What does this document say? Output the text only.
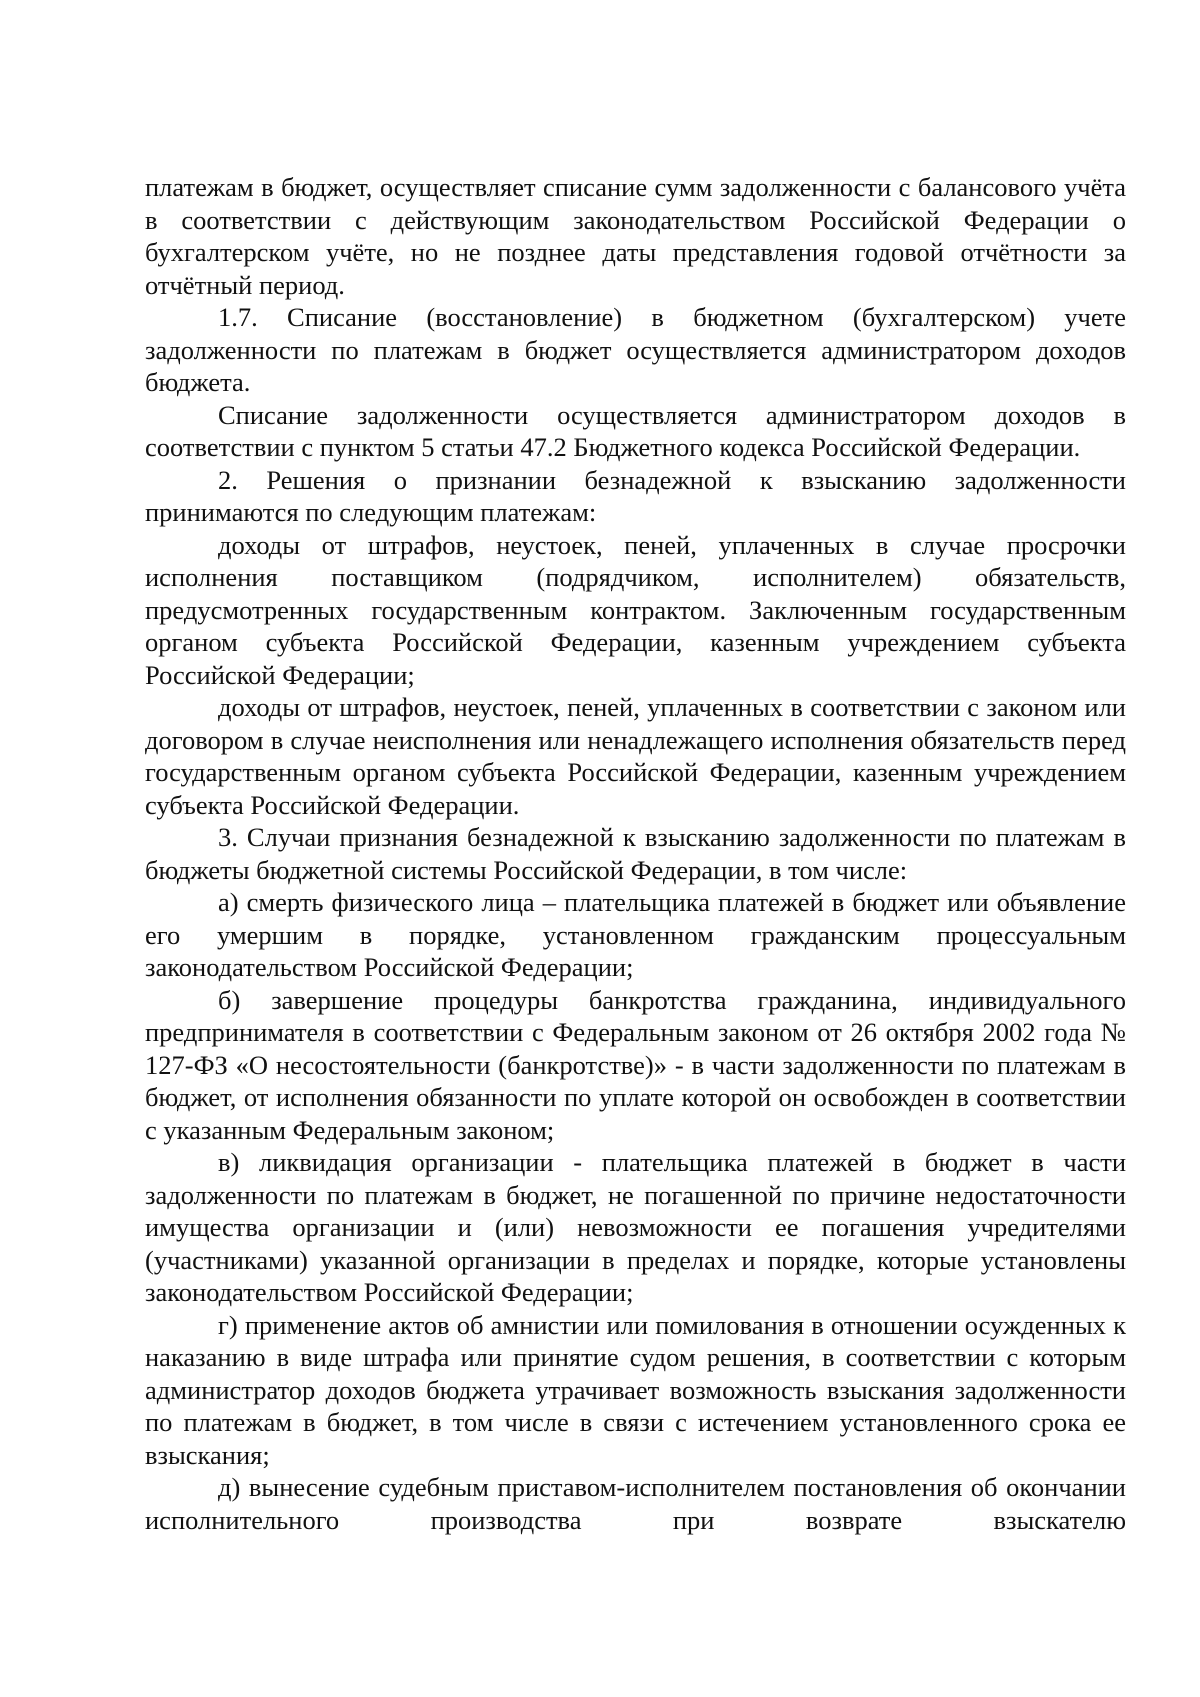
платежам в бюджет, осуществляет списание сумм задолженности с балансового учёта в соответствии с действующим законодательством Российской Федерации о бухгалтерском учёте, но не позднее даты представления годовой отчётности за отчётный период.

1.7. Списание (восстановление) в бюджетном (бухгалтерском) учете задолженности по платежам в бюджет осуществляется администратором доходов бюджета.

Списание задолженности осуществляется администратором доходов в соответствии с пунктом 5 статьи 47.2 Бюджетного кодекса Российской Федерации.

2. Решения о признании безнадежной к взысканию задолженности принимаются по следующим платежам:

доходы от штрафов, неустоек, пеней, уплаченных в случае просрочки исполнения поставщиком (подрядчиком, исполнителем) обязательств, предусмотренных государственным контрактом. Заключенным государственным органом субъекта Российской Федерации, казенным учреждением субъекта Российской Федерации;

доходы от штрафов, неустоек, пеней, уплаченных в соответствии с законом или договором в случае неисполнения или ненадлежащего исполнения обязательств перед государственным органом субъекта Российской Федерации, казенным учреждением субъекта Российской Федерации.

3. Случаи признания безнадежной к взысканию задолженности по платежам в бюджеты бюджетной системы Российской Федерации, в том числе:

а) смерть физического лица – плательщика платежей в бюджет или объявление его умершим в порядке, установленном гражданским процессуальным законодательством Российской Федерации;

б) завершение процедуры банкротства гражданина, индивидуального предпринимателя в соответствии с Федеральным законом от 26 октября 2002 года № 127-ФЗ «О несостоятельности (банкротстве)» - в части задолженности по платежам в бюджет, от исполнения обязанности по уплате которой он освобожден в соответствии с указанным Федеральным законом;

в) ликвидация организации - плательщика платежей в бюджет в части задолженности по платежам в бюджет, не погашенной по причине недостаточности имущества организации и (или) невозможности ее погашения учредителями (участниками) указанной организации в пределах и порядке, которые установлены законодательством Российской Федерации;

г) применение актов об амнистии или помилования в отношении осужденных к наказанию в виде штрафа или принятие судом решения, в соответствии с которым администратор доходов бюджета утрачивает возможность взыскания задолженности по платежам в бюджет, в том числе в связи с истечением установленного срока ее взыскания;

д) вынесение судебным приставом-исполнителем постановления об окончании исполнительного производства при возврате взыскателю
